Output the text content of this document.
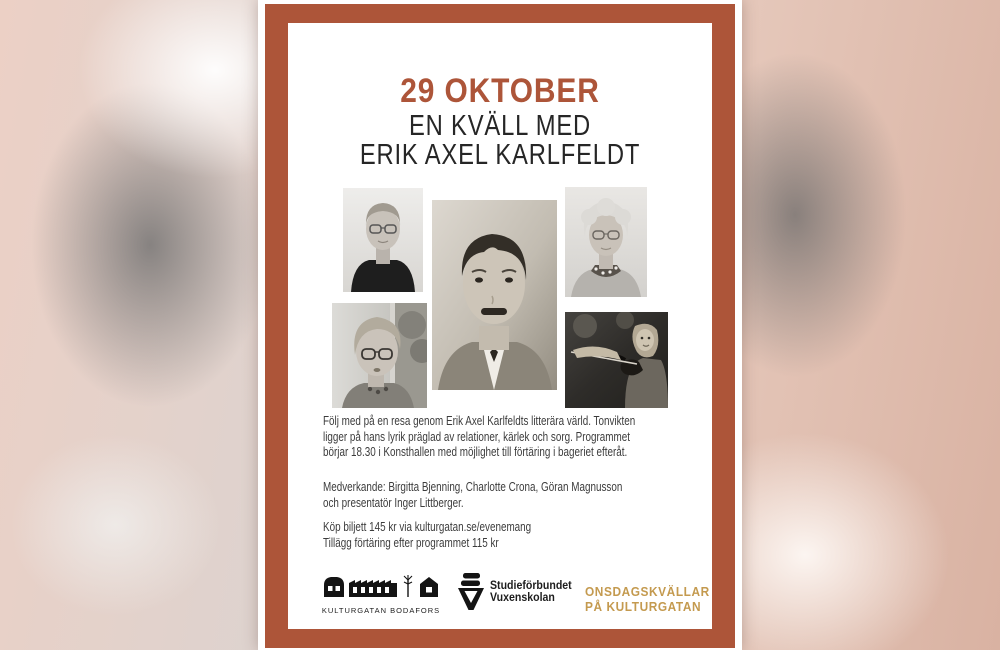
29 OKTOBER
EN KVÄLL MED
ERIK AXEL KARLFELDT
Följ med på en resa genom Erik Axel Karlfeldts litterära värld. Tonvikten
ligger på hans lyrik präglad av relationer, kärlek och sorg. Programmet
börjar 18.30 i Konsthallen med möjlighet till förtäring i bageriet efteråt.
Medverkande: Birgitta Bjenning, Charlotte Crona, Göran Magnusson
och presentatör Inger Littberger.
Köp biljett 145 kr via kulturgatan.se/evenemang
Tillägg förtäring efter programmet 115 kr
KULTURGATAN BODAFORS
Studieförbundet
Vuxenskolan	ONSDAGSKVÄLLAR
PÅ KULTURGATAN
